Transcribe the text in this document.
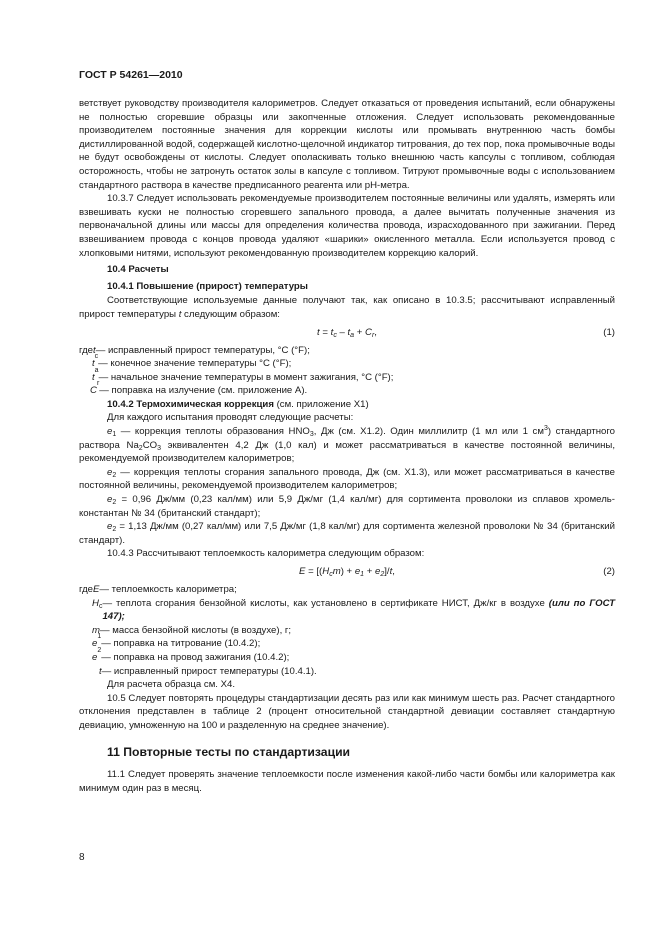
ГОСТ Р 54261—2010

ветствует руководству производителя калориметров. Следует отказаться от проведения испытаний, если обнаружены не полностью сгоревшие образцы или закопченные отложения. Следует использовать рекомендованные производителем постоянные значения для коррекции кислоты или промывать внутреннюю часть бомбы дистиллированной водой, содержащей кислотно-щелочной индикатор титрования, до тех пор, пока промывочные воды не будут освобождены от кислоты. Следует ополаскивать только внешнюю часть капсулы с топливом, соблюдая осторожность, чтобы не затронуть остаток золы в капсуле с топливом. Титруют промывочные воды с использованием стандартного раствора в качестве предписанного реагента или pH-метра.

10.3.7 Следует использовать рекомендуемые производителем постоянные величины или удалять, измерять или взвешивать куски не полностью сгоревшего запального провода, а далее вычитать полученные значения из первоначальной длины или массы для определения количества провода, израсходованного при зажигании. Перед взвешиванием провода с концов провода удаляют «шарики» окисленного металла. Если используется провод с хлопковыми нитями, используют рекомендованную производителем коррекцию калорий.

10.4 Расчеты

10.4.1 Повышение (прирост) температуры

Соответствующие используемые данные получают так, как описано в 10.3.5; рассчитывают исправленный прирост температуры t следующим образом:

$t = t_c - t_a + C_r$,	(1)
где t — исправленный прирост температуры, °C (°F);
t
c
— конечное значение температуры °C (°F);
t
a
— начальное значение температуры в момент зажигания, °C (°F);
C
r
— поправка на излучение (см. приложение А).

10.4.2 Термохимическая коррекция (см. приложение Х1)

Для каждого испытания проводят следующие расчеты:

$e_1$ — коррекция теплоты образования $HNO_3$, Дж (см. Х1.2). Один миллилитр (1 мл или 1 $см^3$) стандартного раствора $Na_2CO_3$ эквивалентен 4,2 Дж (1,0 кал) и может рассматриваться в качестве постоянной величины, рекомендуемой производителем калориметров;

$e_2$ — коррекция теплоты сгорания запального провода, Дж (см. Х1.3), или может рассматриваться в качестве постоянной величины, рекомендуемой производителем калориметров;

$e_2 = 0,96$ Дж/мм (0,23 кал/мм) или 5,9 Дж/мг (1,4 кал/мг) для сортимента проволоки из сплавов хромель-константан № 34 (британский стандарт);

$e_2 = 1,13$ Дж/мм (0,27 кал/мм) или 7,5 Дж/мг (1,8 кал/мг) для сортимента железной проволоки № 34 (британский стандарт).

10.4.3 Рассчитывают теплоемкость калориметра следующим образом:

$E = [(H_cm) + e_1 + e_2]/t$,	(2)
где E — теплоемкость калориметра;
$H_c$ — теплота сгорания бензойной кислоты, как установлено в сертификате НИСТ, Дж/кг в воздухе (или по ГОСТ 147);
m — масса бензойной кислоты (в воздухе), г;
e
1
— поправка на титрование (10.4.2);
e
2
— поправка на провод зажигания (10.4.2);
t — исправленный прирост температуры (10.4.1).

Для расчета образца см. Х4.

10.5 Следует повторять процедуры стандартизации десять раз или как минимум шесть раз. Расчет стандартного отклонения представлен в таблице 2 (процент относительной стандартной девиации составляет стандартную девиацию, умноженную на 100 и разделенную на среднее значение).

11 Повторные тесты по стандартизации

11.1 Следует проверять значение теплоемкости после изменения какой-либо части бомбы или калориметра как минимум один раз в месяц.

8
